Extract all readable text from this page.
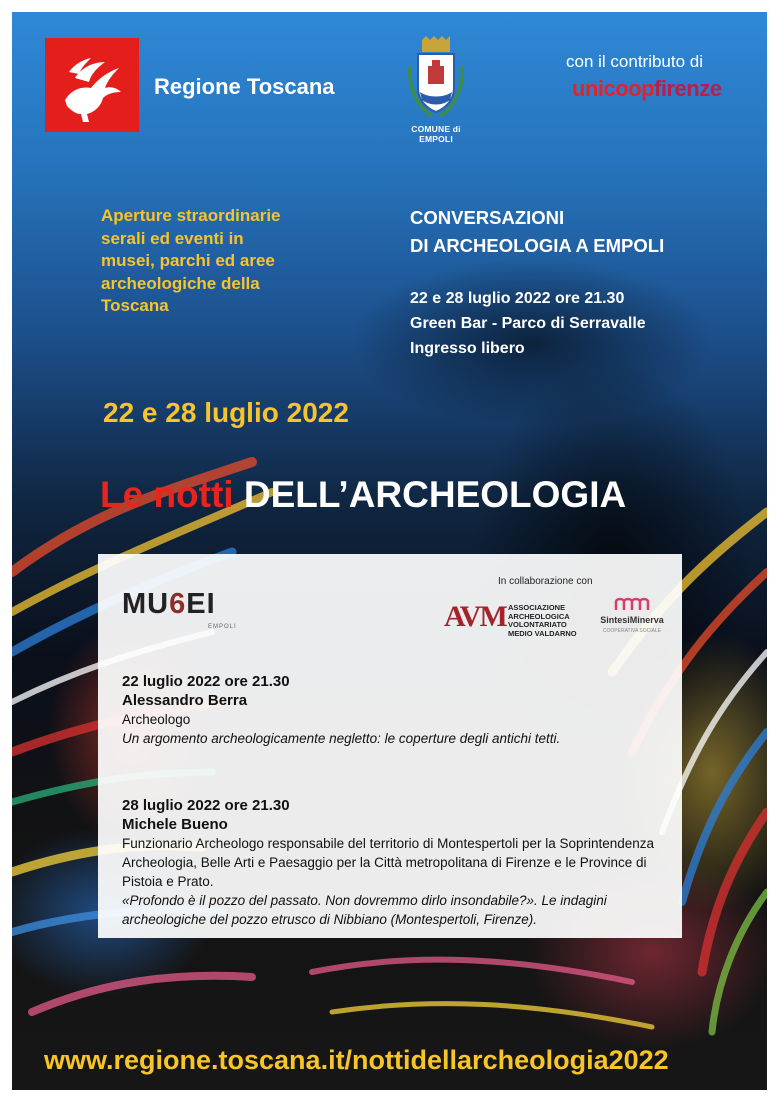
Regione Toscana
COMUNE di EMPOLI
con il contributo di
unicoopfirenze
Aperture straordinarie serali ed eventi in musei, parchi ed aree archeologiche della Toscana
CONVERSAZIONI
DI ARCHEOLOGIA A EMPOLI
22 e 28 luglio 2022 ore 21.30
Green Bar - Parco di Serravalle
Ingresso libero
22 e 28 luglio 2022
Le notti DELL’ARCHEOLOGIA
MU6EI
EMPOLI
In collaborazione con
AVM ASSOCIAZIONE ARCHEOLOGICA VOLONTARIATO MEDIO VALDARNO
SintesiMinerva
COOPERATIVA SOCIALE
22 luglio 2022 ore 21.30
Alessandro Berra
Archeologo
Un argomento archeologicamente negletto: le coperture degli antichi tetti.
28 luglio 2022 ore 21.30
Michele Bueno
Funzionario Archeologo responsabile del territorio di Montespertoli per la Soprintendenza Archeologia, Belle Arti e Paesaggio per la Città metropolitana di Firenze e le Province di Pistoia e Prato.
«Profondo è il pozzo del passato. Non dovremmo dirlo insondabile?». Le indagini archeologiche del pozzo etrusco di Nibbiano (Montespertoli, Firenze).
www.regione.toscana.it/nottidellarcheologia2022
